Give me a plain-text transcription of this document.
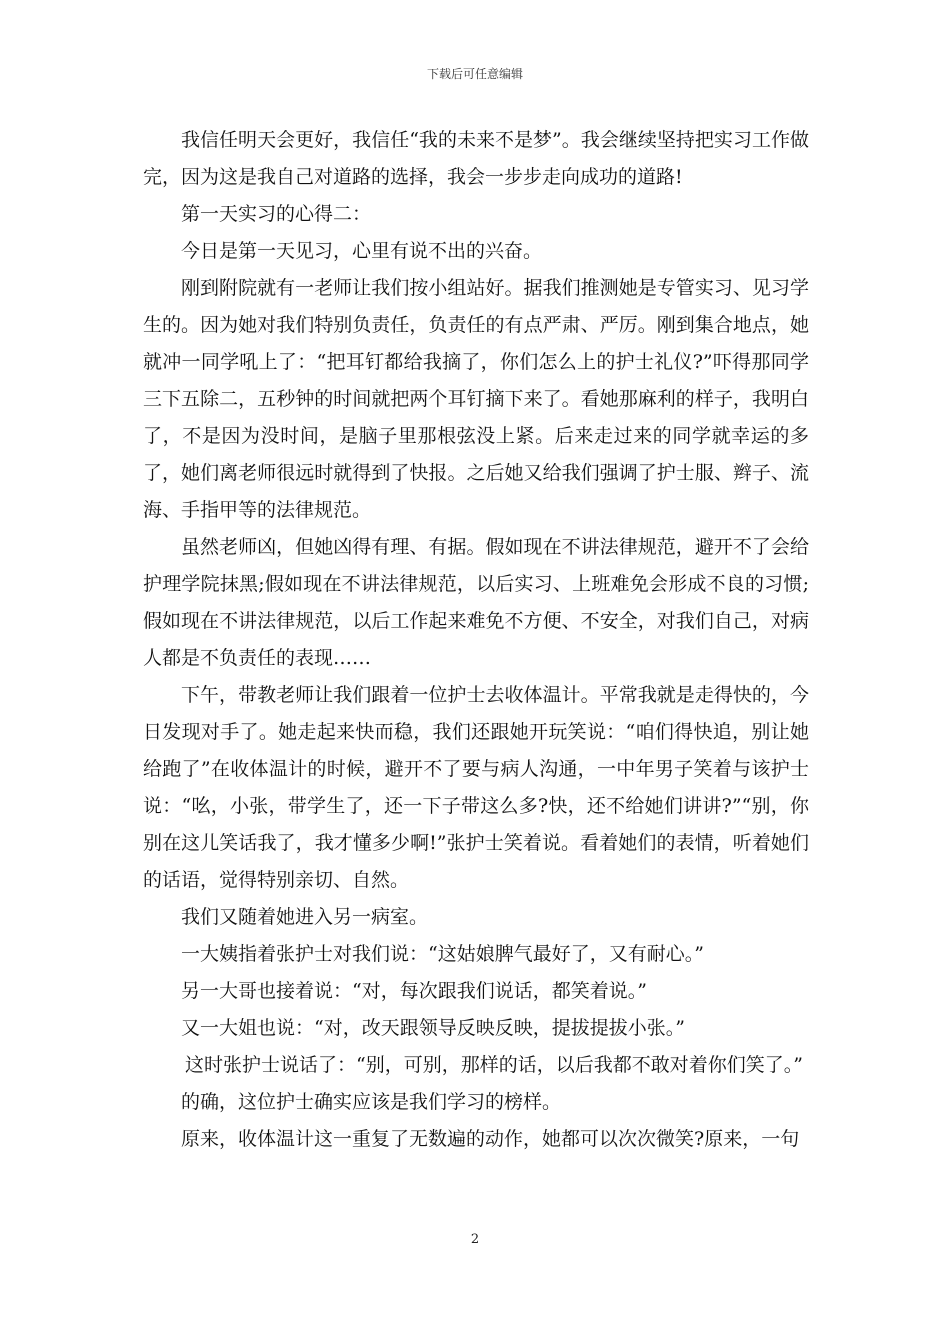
下载后可任意编辑

我信任明天会更好，我信任“我的未来不是梦”。我会继续坚持把实习工作做完，因为这是我自己对道路的选择，我会一步步走向成功的道路!

第一天实习的心得二：

今日是第一天见习，心里有说不出的兴奋。

刚到附院就有一老师让我们按小组站好。据我们推测她是专管实习、见习学生的。因为她对我们特别负责任，负责任的有点严肃、严厉。刚到集合地点，她就冲一同学吼上了：“把耳钉都给我摘了，你们怎么上的护士礼仪?”吓得那同学三下五除二，五秒钟的时间就把两个耳钉摘下来了。看她那麻利的样子，我明白了，不是因为没时间，是脑子里那根弦没上紧。后来走过来的同学就幸运的多了，她们离老师很远时就得到了快报。之后她又给我们强调了护士服、辫子、流海、手指甲等的法律规范。

虽然老师凶，但她凶得有理、有据。假如现在不讲法律规范，避开不了会给护理学院抹黑;假如现在不讲法律规范，以后实习、上班难免会形成不良的习惯;假如现在不讲法律规范，以后工作起来难免不方便、不安全，对我们自己，对病人都是不负责任的表现……

下午，带教老师让我们跟着一位护士去收体温计。平常我就是走得快的，今日发现对手了。她走起来快而稳，我们还跟她开玩笑说：“咱们得快追，别让她给跑了”在收体温计的时候，避开不了要与病人沟通，一中年男子笑着与该护士说：“吆，小张，带学生了，还一下子带这么多?快，还不给她们讲讲?”“别，你别在这儿笑话我了，我才懂多少啊!”张护士笑着说。看着她们的表情，听着她们的话语，觉得特别亲切、自然。

我们又随着她进入另一病室。

一大姨指着张护士对我们说：“这姑娘脾气最好了，又有耐心。”

另一大哥也接着说：“对，每次跟我们说话，都笑着说。”

又一大姐也说：“对，改天跟领导反映反映，提拔提拔小张。”

这时张护士说话了：“别，可别，那样的话，以后我都不敢对着你们笑了。”

的确，这位护士确实应该是我们学习的榜样。

原来，收体温计这一重复了无数遍的动作，她都可以次次微笑?原来，一句

2
